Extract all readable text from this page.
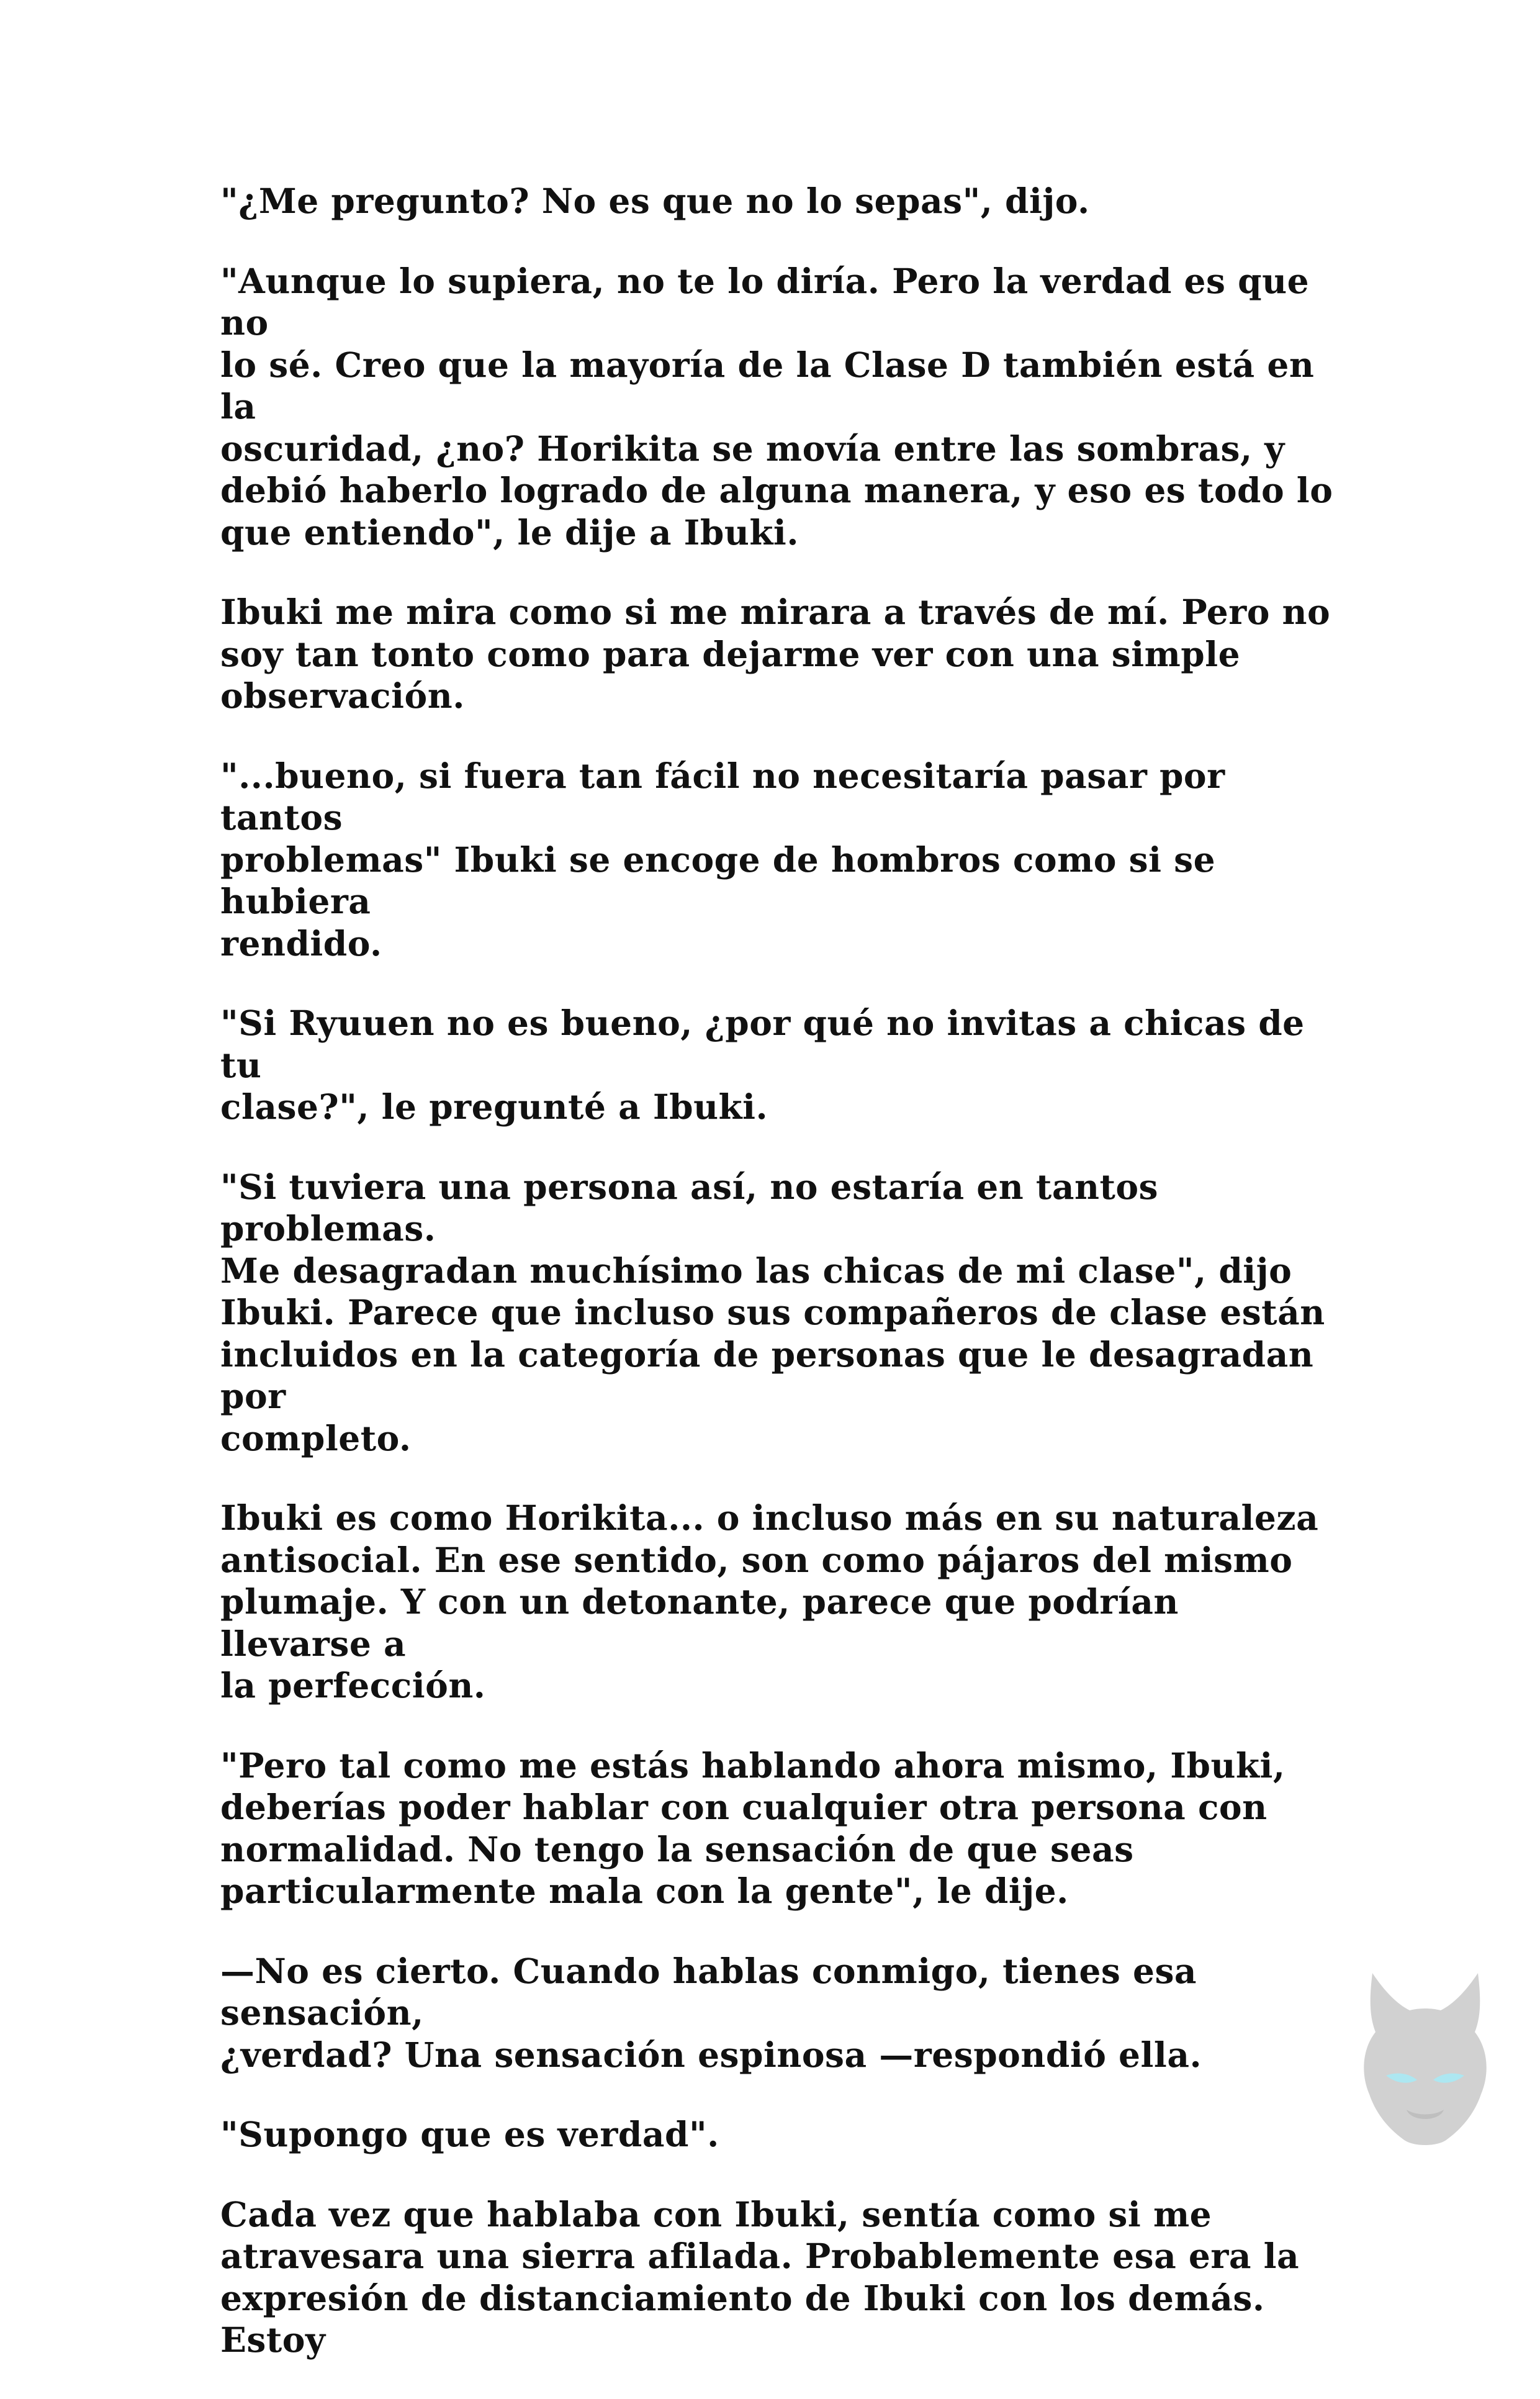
"¿Me pregunto? No es que no lo sepas", dijo.

"Aunque lo supiera, no te lo diría. Pero la verdad es que no
lo sé. Creo que la mayoría de la Clase D también está en la
oscuridad, ¿no? Horikita se movía entre las sombras, y
debió haberlo logrado de alguna manera, y eso es todo lo
que entiendo", le dije a Ibuki.

Ibuki me mira como si me mirara a través de mí. Pero no
soy tan tonto como para dejarme ver con una simple
observación.

"...bueno, si fuera tan fácil no necesitaría pasar por tantos
problemas" Ibuki se encoge de hombros como si se hubiera
rendido.

"Si Ryuuen no es bueno, ¿por qué no invitas a chicas de tu
clase?", le pregunté a Ibuki.

"Si tuviera una persona así, no estaría en tantos problemas.
Me desagradan muchísimo las chicas de mi clase", dijo
Ibuki. Parece que incluso sus compañeros de clase están
incluidos en la categoría de personas que le desagradan por
completo.

Ibuki es como Horikita... o incluso más en su naturaleza
antisocial. En ese sentido, son como pájaros del mismo
plumaje. Y con un detonante, parece que podrían llevarse a
la perfección.

"Pero tal como me estás hablando ahora mismo, Ibuki,
deberías poder hablar con cualquier otra persona con
normalidad. No tengo la sensación de que seas
particularmente mala con la gente", le dije.

—No es cierto. Cuando hablas conmigo, tienes esa sensación,
¿verdad? Una sensación espinosa —respondió ella.

"Supongo que es verdad".

Cada vez que hablaba con Ibuki, sentía como si me
atravesara una sierra afilada. Probablemente esa era la
expresión de distanciamiento de Ibuki con los demás. Estoy
